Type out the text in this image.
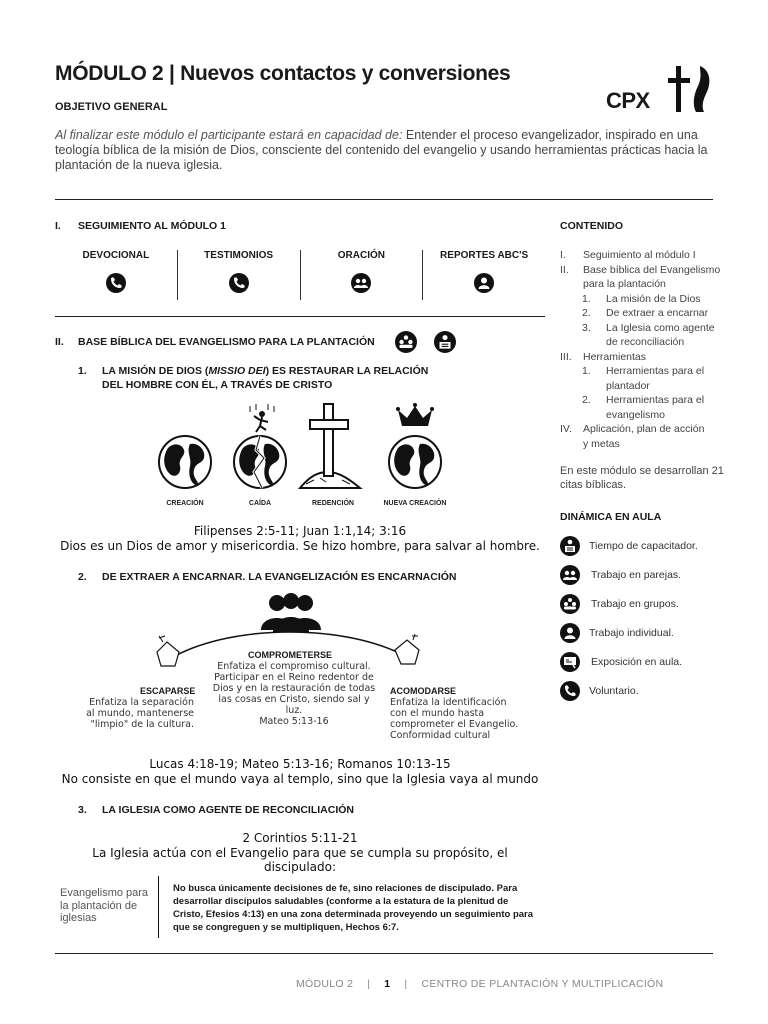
MÓDULO 2 | Nuevos contactos y conversiones
OBJETIVO GENERAL
Al finalizar este módulo el participante estará en capacidad de: Entender el proceso evangelizador, inspirado en una teología bíblica de la misión de Dios, consciente del contenido del evangelio y usando herramientas prácticas hacia la plantación de la nueva iglesia.
CPX
I. SEGUIMIENTO AL MÓDULO 1
DEVOCIONAL	TESTIMONIOS	ORACIÓN	REPORTES ABC'S
II. BASE BÍBLICA DEL EVANGELISMO PARA LA PLANTACIÓN
1. LA MISIÓN DE DIOS (MISSIO DEI) ES RESTAURAR LA RELACIÓN
DEL HOMBRE CON ÉL, A TRAVÉS DE CRISTO
CREACIÓN	CAÍDA	REDENCIÓN	NUEVA CREACIÓN
Filipenses 2:5-11; Juan 1:1,14; 3:16
Dios es un Dios de amor y misericordia. Se hizo hombre, para salvar al hombre.
2. DE EXTRAER A ENCARNAR. LA EVANGELIZACIÓN ES ENCARNACIÓN
COMPROMETERSE
Enfatiza el compromiso cultural.
Participar en el Reino redentor de
Dios y en la restauración de todas
las cosas en Cristo, siendo sal y luz.
Mateo 5:13-16
ESCAPARSE
Enfatiza la separación
al mundo, mantenerse
"limpio" de la cultura.
ACOMODARSE
Enfatiza la identificación
con el mundo hasta
comprometer el Evangelio.
Conformidad cultural
Lucas 4:18-19; Mateo 5:13-16; Romanos 10:13-15
No consiste en que el mundo vaya al templo, sino que la Iglesia vaya al mundo
3. LA IGLESIA COMO AGENTE DE RECONCILIACIÓN
2 Corintios 5:11-21
La Iglesia actúa con el Evangelio para que se cumpla su propósito, el discipulado:
Evangelismo para
la plantación de
iglesias
No busca únicamente decisiones de fe, sino relaciones de discipulado. Para
desarrollar discípulos saludables (conforme a la estatura de la plenitud de
Cristo, Efesios 4:13) en una zona determinada proveyendo un seguimiento para
que se congreguen y se multipliquen, Hechos 6:7.
CONTENIDO
I.	Seguimiento al módulo I
II.	Base bíblica del Evangelismo
para la plantación
1.	La misión de la Dios
2.	De extraer a encarnar
3.	La Iglesia como agente
de reconciliación
III.	Herramientas
1.	Herramientas para el
plantador
2.	Herramientas para el
evangelismo
IV.	Aplicación, plan de acción
y metas
En este módulo se desarrollan 21 citas bíblicas.
DINÁMICA EN AULA
Tiempo de capacitador.
Trabajo en parejas.
Trabajo en grupos.
Trabajo individual.
Exposición en aula.
Voluntario.
MÓDULO 2 | 1 | CENTRO DE PLANTACIÓN Y MULTIPLICACIÓN
